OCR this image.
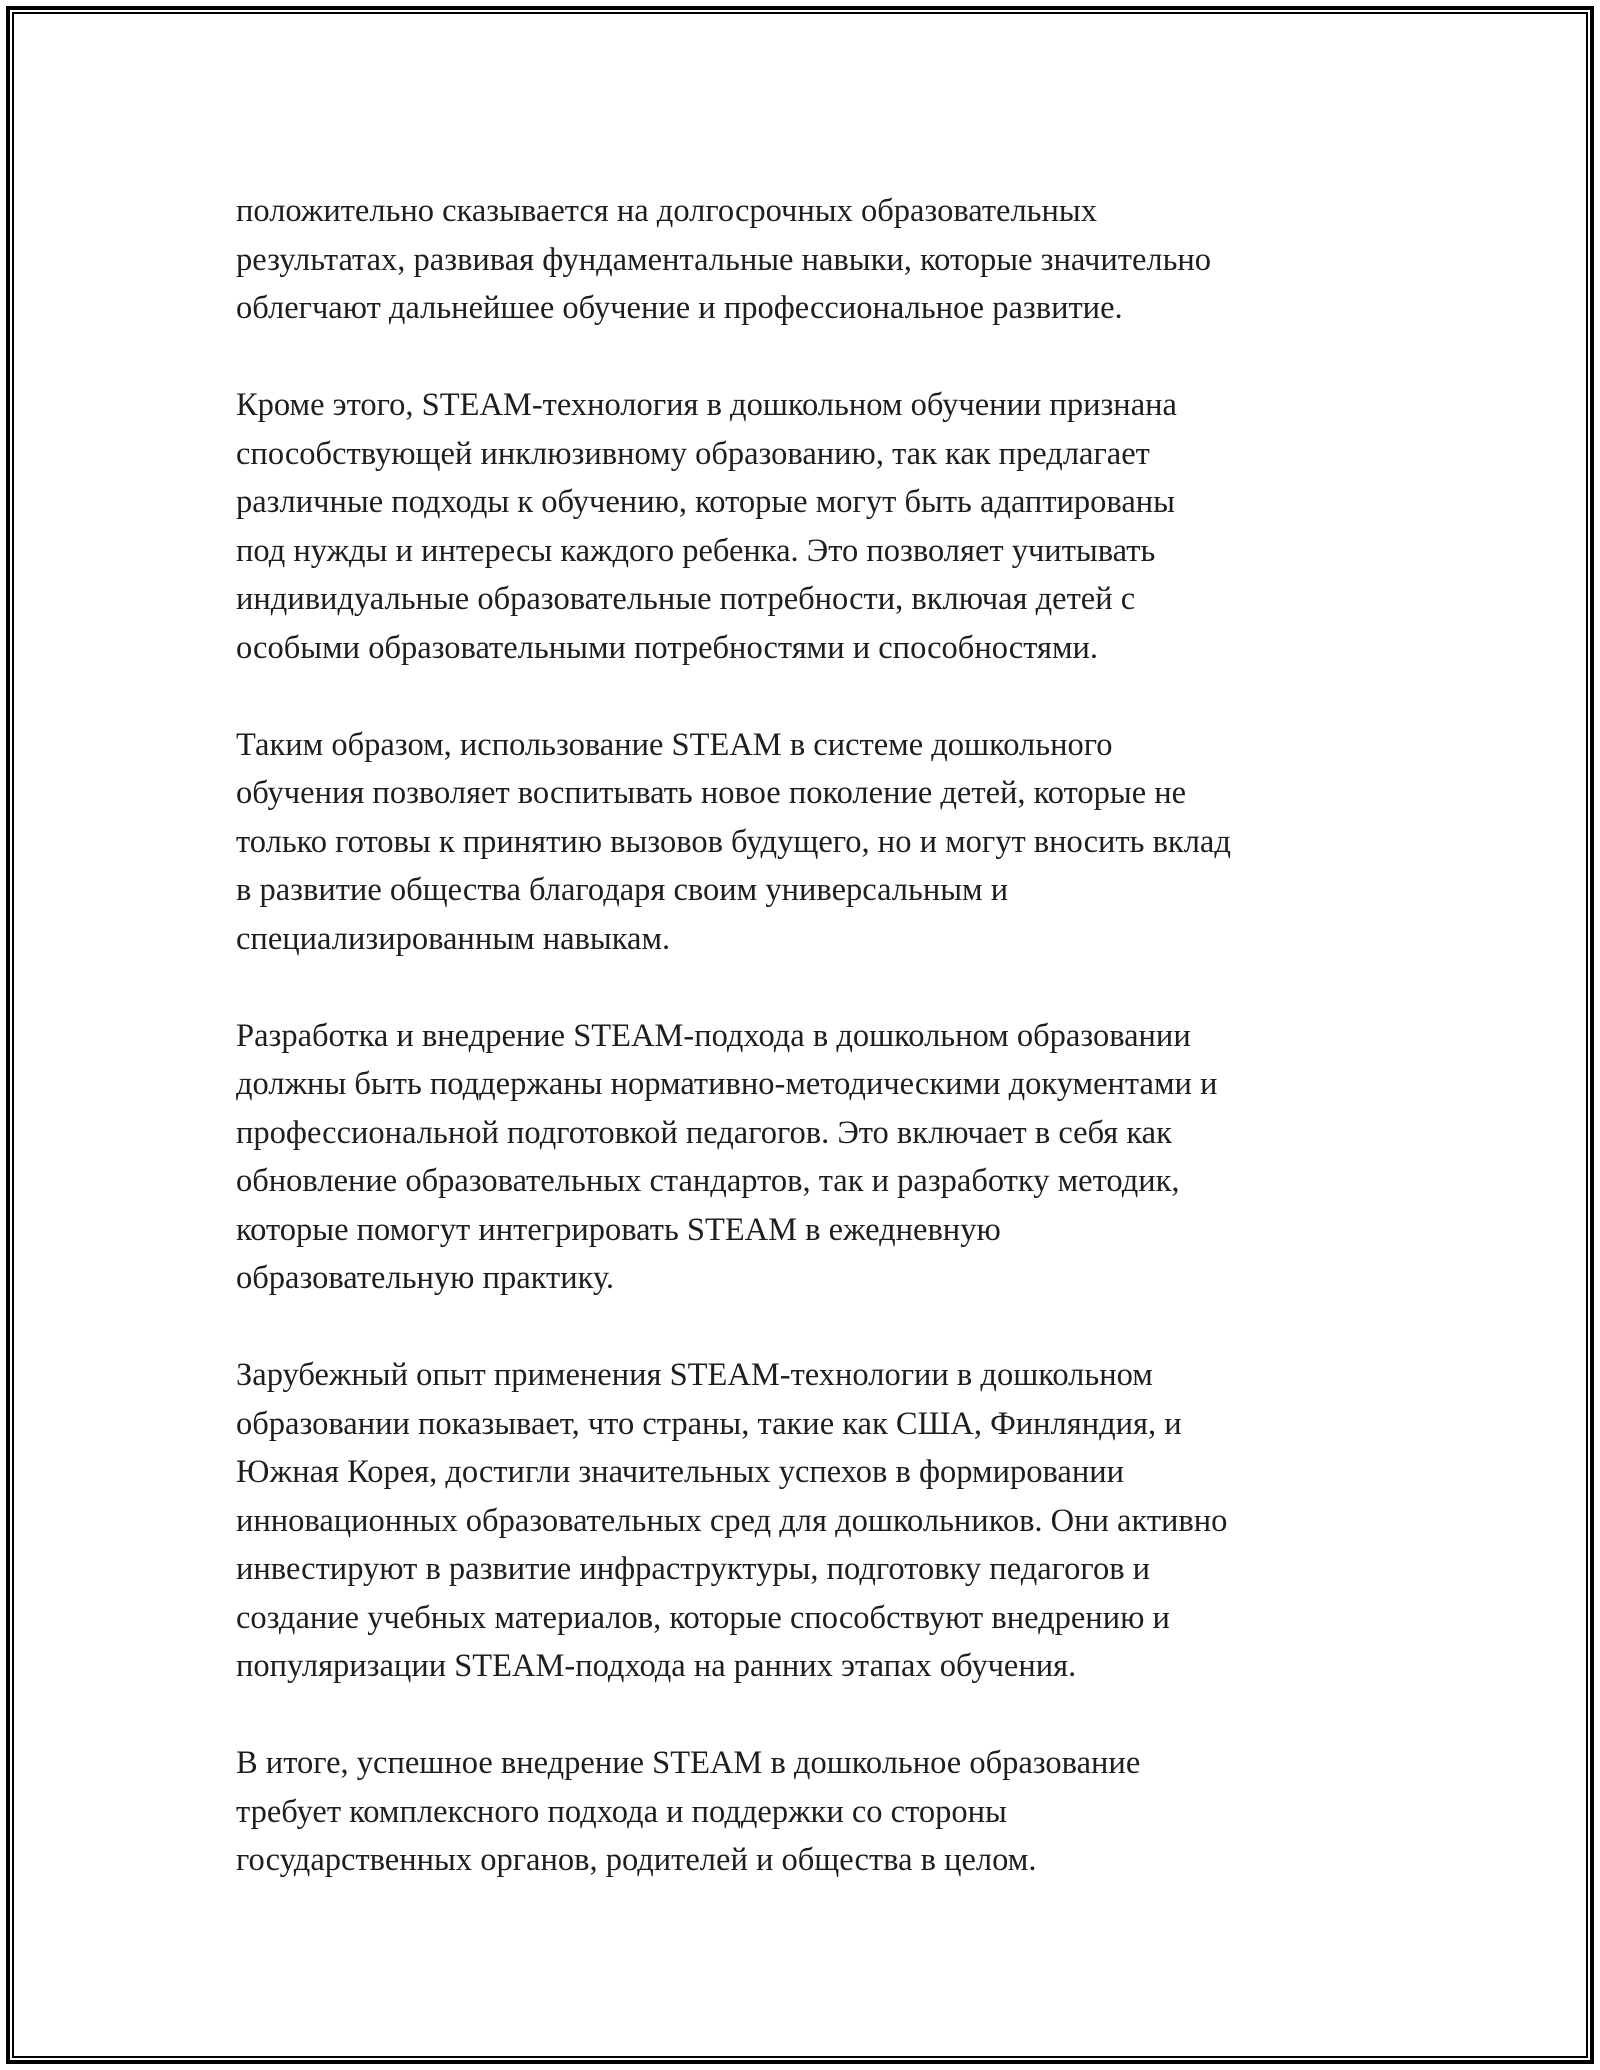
положительно сказывается на долгосрочных образовательных
результатах, развивая фундаментальные навыки, которые значительно
облегчают дальнейшее обучение и профессиональное развитие.

Кроме этого, STEAM-технология в дошкольном обучении признана
способствующей инклюзивному образованию, так как предлагает
различные подходы к обучению, которые могут быть адаптированы
под нужды и интересы каждого ребенка. Это позволяет учитывать
индивидуальные образовательные потребности, включая детей с
особыми образовательными потребностями и способностями.

Таким образом, использование STEAM в системе дошкольного
обучения позволяет воспитывать новое поколение детей, которые не
только готовы к принятию вызовов будущего, но и могут вносить вклад
в развитие общества благодаря своим универсальным и
специализированным навыкам.

Разработка и внедрение STEAM-подхода в дошкольном образовании
должны быть поддержаны нормативно-методическими документами и
профессиональной подготовкой педагогов. Это включает в себя как
обновление образовательных стандартов, так и разработку методик,
которые помогут интегрировать STEAM в ежедневную
образовательную практику.

Зарубежный опыт применения STEAM-технологии в дошкольном
образовании показывает, что страны, такие как США, Финляндия, и
Южная Корея, достигли значительных успехов в формировании
инновационных образовательных сред для дошкольников. Они активно
инвестируют в развитие инфраструктуры, подготовку педагогов и
создание учебных материалов, которые способствуют внедрению и
популяризации STEAM-подхода на ранних этапах обучения.

В итоге, успешное внедрение STEAM в дошкольное образование
требует комплексного подхода и поддержки со стороны
государственных органов, родителей и общества в целом.
